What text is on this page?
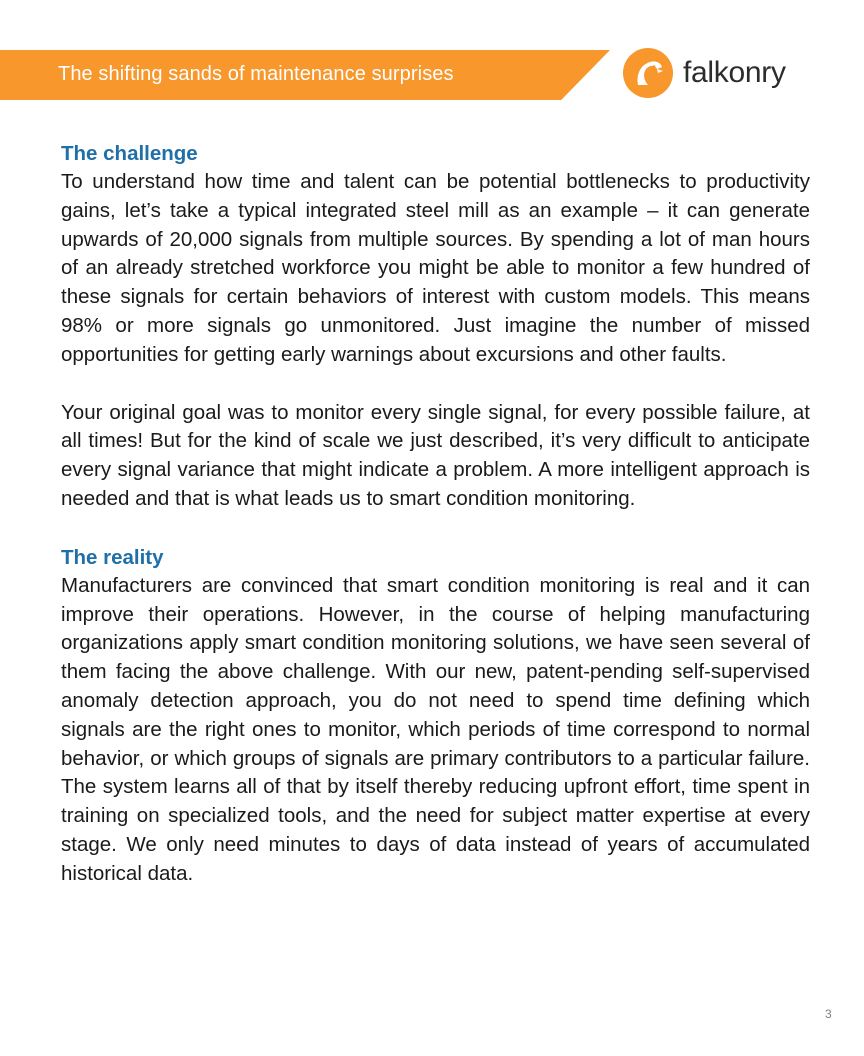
The shifting sands of maintenance surprises	falkonry

The challenge

To understand how time and talent can be potential bottlenecks to productivity gains, let’s take a typical integrated steel mill as an example – it can generate upwards of 20,000 signals from multiple sources. By spending a lot of man hours of an already stretched workforce you might be able to monitor a few hundred of these signals for certain behaviors of interest with custom models. This means 98% or more signals go unmonitored. Just imagine the number of missed opportunities for getting early warnings about excursions and other faults.

Your original goal was to monitor every single signal, for every possible failure, at all times! But for the kind of scale we just described, it’s very difficult to anticipate every signal variance that might indicate a problem. A more intelligent approach is needed and that is what leads us to smart condition monitoring.

The reality

Manufacturers are convinced that smart condition monitoring is real and it can improve their operations. However, in the course of helping manufacturing organizations apply smart condition monitoring solutions, we have seen several of them facing the above challenge. With our new, patent-pending self-supervised anomaly detection approach, you do not need to spend time defining which signals are the right ones to monitor, which periods of time correspond to normal behavior, or which groups of signals are primary contributors to a particular failure. The system learns all of that by itself thereby reducing upfront effort, time spent in training on specialized tools, and the need for subject matter expertise at every stage. We only need minutes to days of data instead of years of accumulated historical data.

3
